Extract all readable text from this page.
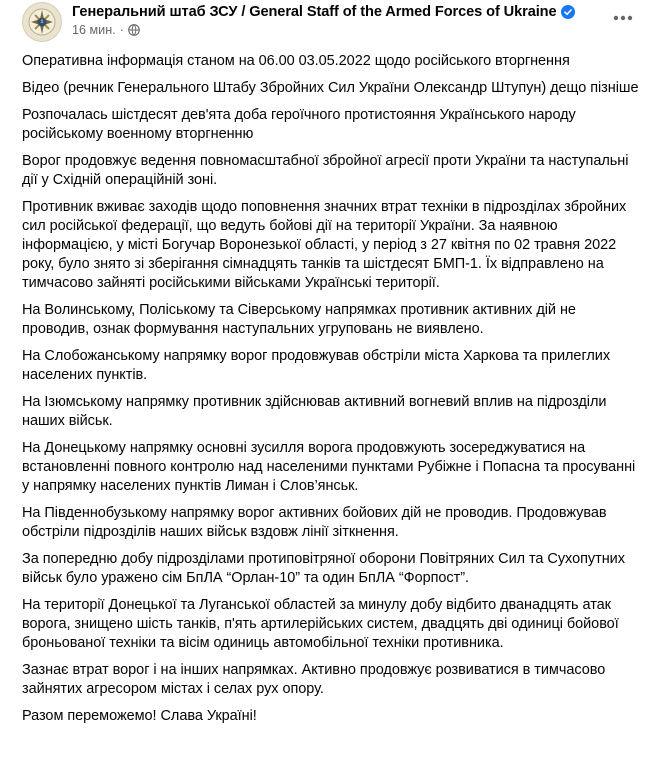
Генеральний штаб ЗСУ / General Staff of the Armed Forces of Ukraine
16 мин. ·

Оперативна інформація станом на 06.00 03.05.2022 щодо російського вторгнення

Відео (речник Генерального Штабу Збройних Сил України Олександр Штупун) дещо пізніше

Розпочалась шістдесят дев'ята доба героїчного протистояння Українського народу російському военному вторгненню

Ворог продовжує ведення повномасштабної збройної агресії проти України та наступальні дії у Східній операційній зоні.

Противник вживає заходів щодо поповнення значних втрат техніки в підрозділах збройних сил російської федерації, що ведуть бойові дії на території України. За наявною інформацією, у місті Богучар Воронезької області, у період з 27 квітня по 02 травня 2022 року, було знято зі зберігання сімнадцять танків та шістдесят БМП-1. Їх відправлено на тимчасово зайняті російськими військами Українські території.

На Волинському, Поліському та Сіверському напрямках противник активних дій не проводив, ознак формування наступальних угруповань не виявлено.

На Слобожанському напрямку ворог продовжував обстріли міста Харкова та прилеглих населених пунктів.

На Ізюмському напрямку противник здійснював активний вогневий вплив на підрозділи наших військ.

На Донецькому напрямку основні зусилля ворога продовжують зосереджуватися на встановленні повного контролю над населеними пунктами Рубіжне і Попасна та просуванні у напрямку населених пунктів Лиман і Слов’янськ.

На Південнобузькому напрямку ворог активних бойових дій не проводив. Продовжував обстріли підрозділів наших військ вздовж лінії зіткнення.

За попередню добу підрозділами протиповітряної оборони Повітряних Сил та Сухопутних військ було уражено сім БпЛА “Орлан-10” та один БпЛА “Форпост”.

На території Донецької та Луганської областей за минулу добу відбито дванадцять атак ворога, знищено шість танків, п'ять артилерійських систем, двадцять дві одиниці бойової броньованої техніки та вісім одиниць автомобільної техніки противника.

Зазнає втрат ворог і на інших напрямках. Активно продовжує розвиватися в тимчасово зайнятих агресором містах і селах рух опору.

Разом переможемо! Слава Україні!
